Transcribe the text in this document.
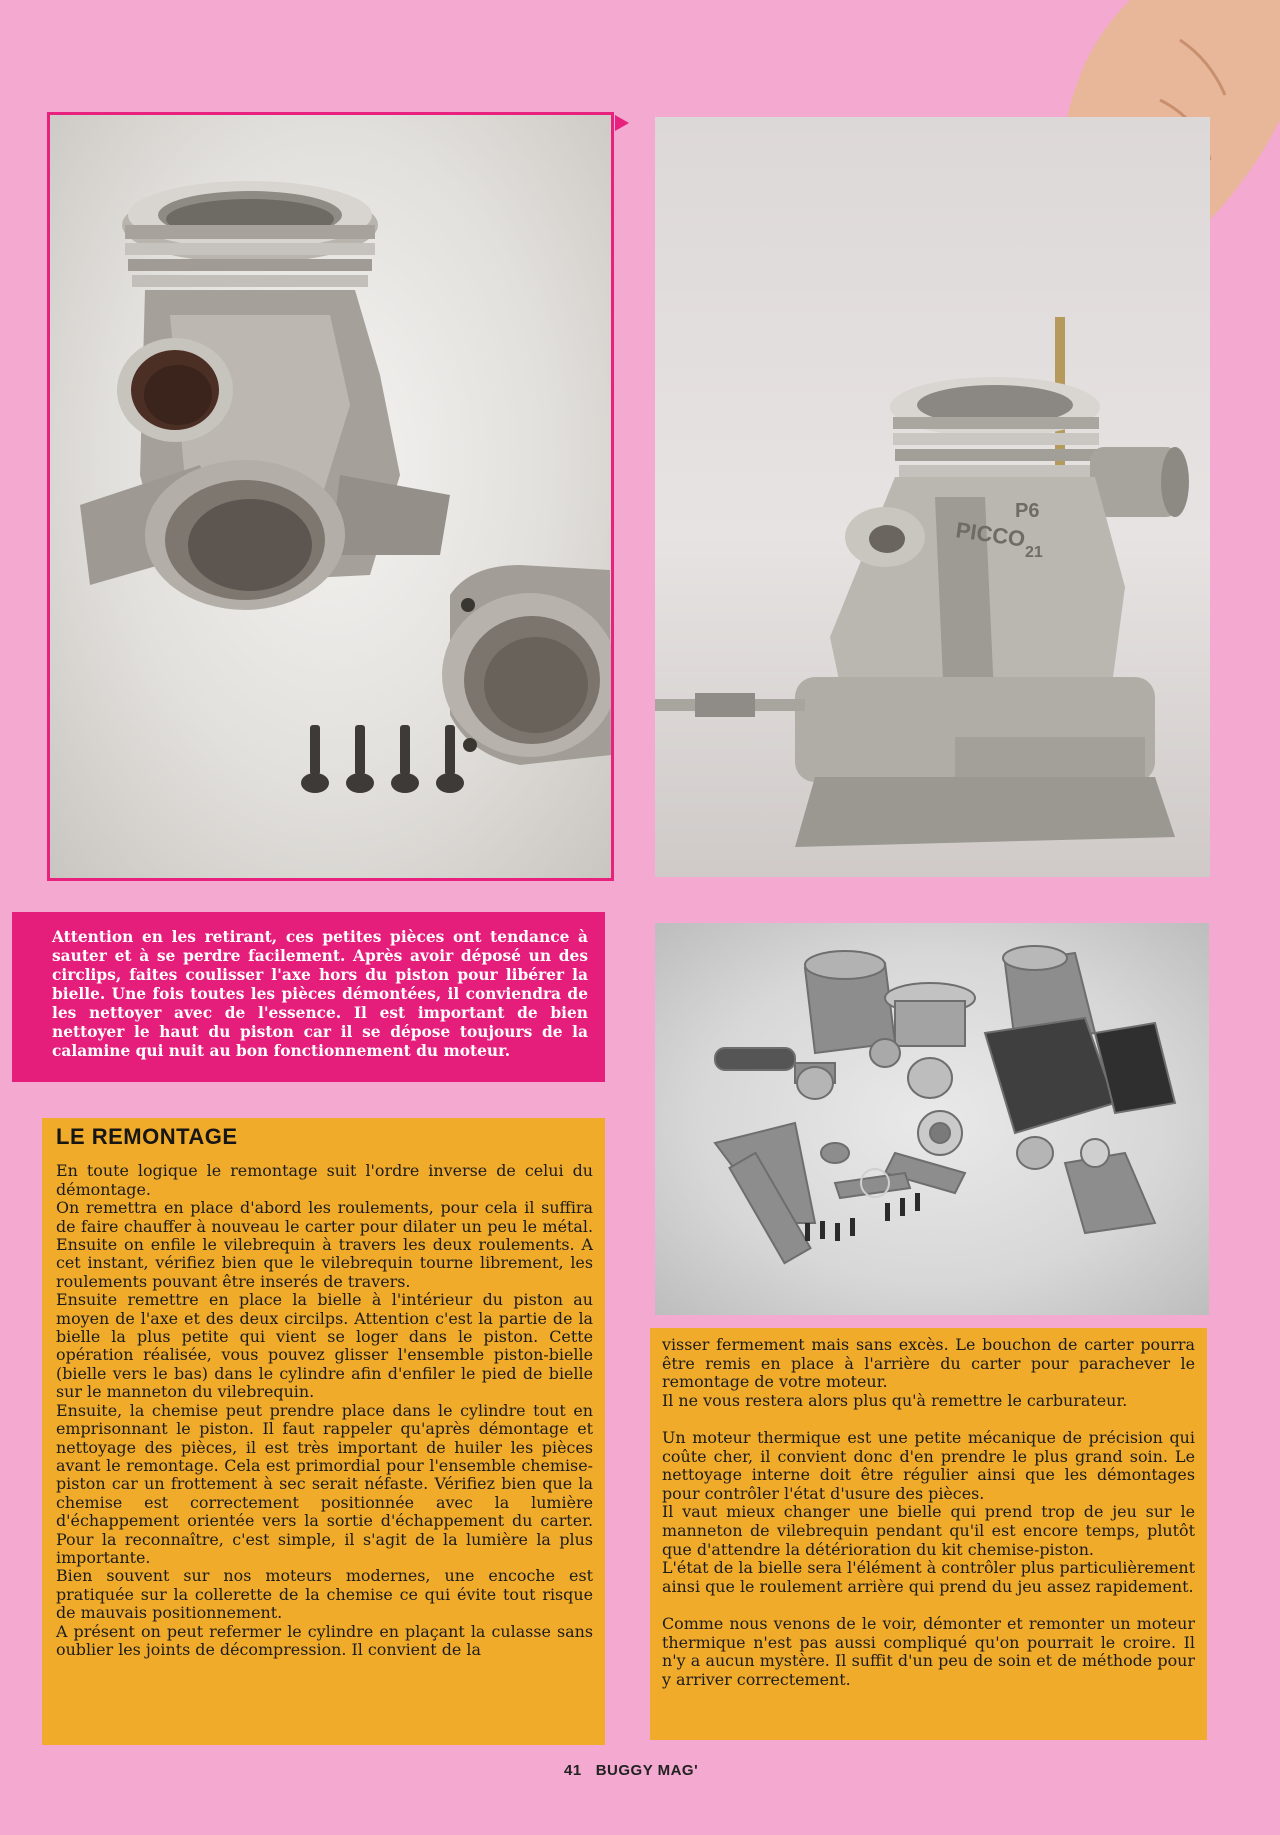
PICCO
P6
21

Attention en les retirant, ces petites pièces ont tendance à sauter et à se perdre facilement. Après avoir déposé un des circlips, faites coulisser l'axe hors du piston pour libérer la bielle. Une fois toutes les pièces démontées, il conviendra de les nettoyer avec de l'essence. Il est important de bien nettoyer le haut du piston car il se dépose toujours de la calamine qui nuit au bon fonctionnement du moteur.

LE REMONTAGE

En toute logique le remontage suit l'ordre inverse de celui du démontage.

On remettra en place d'abord les roulements, pour cela il suffira de faire chauffer à nouveau le carter pour dilater un peu le métal. Ensuite on enfile le vilebrequin à travers les deux roulements. A cet instant, vérifiez bien que le vilebrequin tourne librement, les roulements pouvant être inserés de travers.

Ensuite remettre en place la bielle à l'intérieur du piston au moyen de l'axe et des deux circilps. Attention c'est la partie de la bielle la plus petite qui vient se loger dans le piston. Cette opération réalisée, vous pouvez glisser l'ensemble piston-bielle (bielle vers le bas) dans le cylindre afin d'enfiler le pied de bielle sur le manneton du vilebrequin.

Ensuite, la chemise peut prendre place dans le cylindre tout en emprisonnant le piston. Il faut rappeler qu'après démontage et nettoyage des pièces, il est très important de huiler les pièces avant le remontage. Cela est primordial pour l'ensemble chemise-piston car un frottement à sec serait néfaste. Vérifiez bien que la chemise est correctement positionnée avec la lumière d'échappement orientée vers la sortie d'échappement du carter. Pour la reconnaître, c'est simple, il s'agit de la lumière la plus importante.

Bien souvent sur nos moteurs modernes, une encoche est pratiquée sur la collerette de la chemise ce qui évite tout risque de mauvais positionnement.

A présent on peut refermer le cylindre en plaçant la culasse sans oublier les joints de décompression. Il convient de la

visser fermement mais sans excès. Le bouchon de carter pourra être remis en place à l'arrière du carter pour parachever le remontage de votre moteur.

Il ne vous restera alors plus qu'à remettre le carburateur.

Un moteur thermique est une petite mécanique de précision qui coûte cher, il convient donc d'en prendre le plus grand soin. Le nettoyage interne doit être régulier ainsi que les démontages pour contrôler l'état d'usure des pièces.

Il vaut mieux changer une bielle qui prend trop de jeu sur le manneton de vilebrequin pendant qu'il est encore temps, plutôt que d'attendre la détérioration du kit chemise-piston.

L'état de la bielle sera l'élément à contrôler plus particulièrement ainsi que le roulement arrière qui prend du jeu assez rapidement.

Comme nous venons de le voir, démonter et remonter un moteur thermique n'est pas aussi compliqué qu'on pourrait le croire. Il n'y a aucun mystère. Il suffit d'un peu de soin et de méthode pour y arriver correctement.

41 BUGGY MAG'
